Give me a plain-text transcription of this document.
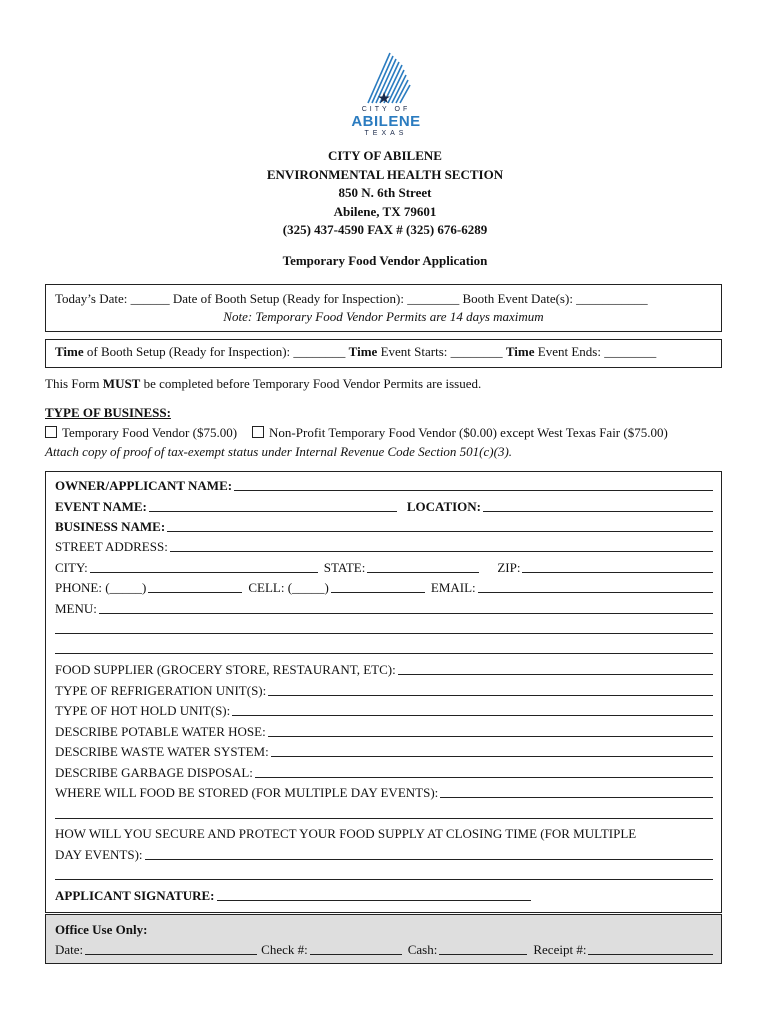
CITY OF
ABILENE
TEXAS
CITY OF ABILENE
ENVIRONMENTAL HEALTH SECTION
850 N. 6th Street
Abilene, TX 79601
(325) 437-4590 FAX # (325) 676-6289
Temporary Food Vendor Application
Today’s Date: ______ Date of Booth Setup (Ready for Inspection): ________ Booth Event Date(s): ___________
Note: Temporary Food Vendor Permits are 14 days maximum
Time of Booth Setup (Ready for Inspection): ________ Time Event Starts: ________ Time Event Ends: ________
This Form MUST be completed before Temporary Food Vendor Permits are issued.
TYPE OF BUSINESS:
Temporary Food Vendor ($75.00) Non-Profit Temporary Food Vendor ($0.00) except West Texas Fair ($75.00)
Attach copy of proof of tax-exempt status under Internal Revenue Code Section 501(c)(3).
OWNER/APPLICANT NAME:
EVENT NAME:	LOCATION:
BUSINESS NAME:
STREET ADDRESS:
CITY:	STATE:	ZIP:
PHONE: (_____)	CELL: (_____)	EMAIL:
MENU:
FOOD SUPPLIER (GROCERY STORE, RESTAURANT, ETC):
TYPE OF REFRIGERATION UNIT(S):
TYPE OF HOT HOLD UNIT(S):
DESCRIBE POTABLE WATER HOSE:
DESCRIBE WASTE WATER SYSTEM:
DESCRIBE GARBAGE DISPOSAL:
WHERE WILL FOOD BE STORED (FOR MULTIPLE DAY EVENTS):
HOW WILL YOU SECURE AND PROTECT YOUR FOOD SUPPLY AT CLOSING TIME (FOR MULTIPLE
DAY EVENTS):
APPLICANT SIGNATURE:
Office Use Only:
Date:	Check #:	Cash:	Receipt #:
